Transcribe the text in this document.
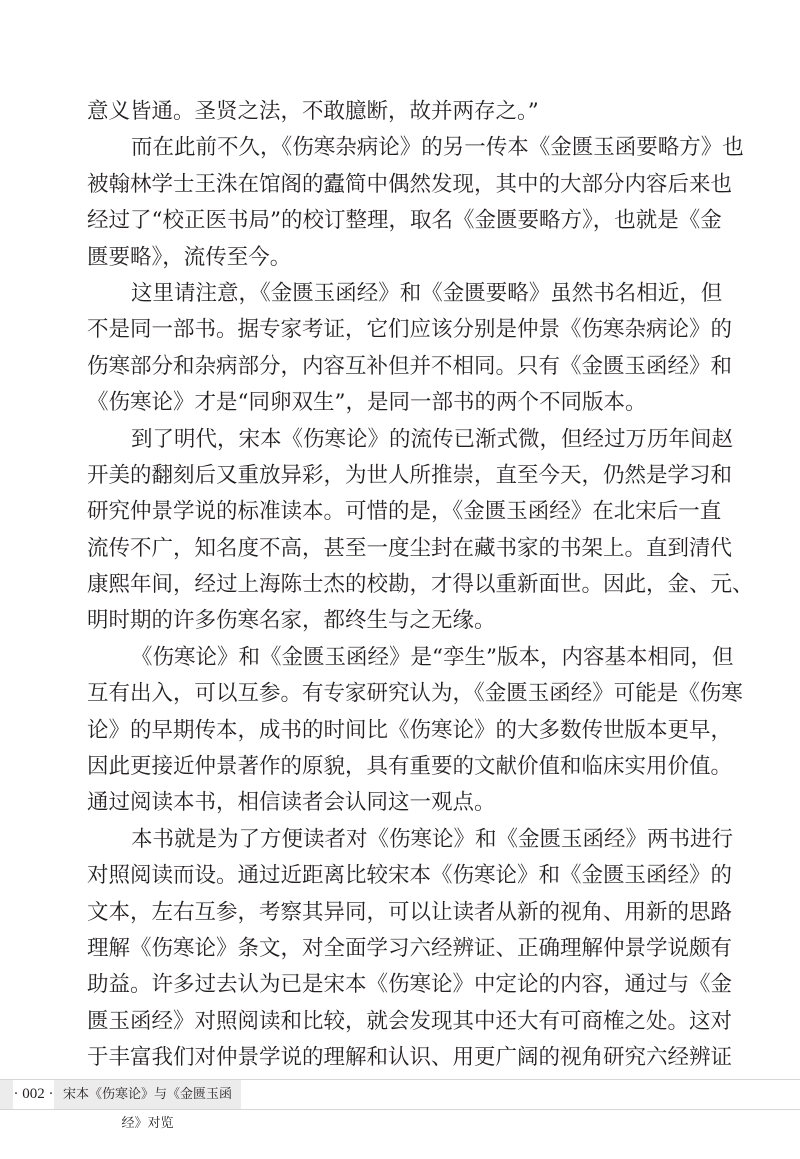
意义皆通。圣贤之法，不敢臆断，故并两存之。”
而在此前不久，《伤寒杂病论》的另一传本《金匮玉函要略方》也
被翰林学士王洙在馆阁的蠹简中偶然发现，其中的大部分内容后来也
经过了“校正医书局”的校订整理，取名《金匮要略方》，也就是《金
匮要略》，流传至今。
这里请注意，《金匮玉函经》和《金匮要略》虽然书名相近，但
不是同一部书。据专家考证，它们应该分别是仲景《伤寒杂病论》的
伤寒部分和杂病部分，内容互补但并不相同。只有《金匮玉函经》和
《伤寒论》才是“同卵双生”，是同一部书的两个不同版本。
到了明代，宋本《伤寒论》的流传已渐式微，但经过万历年间赵
开美的翻刻后又重放异彩，为世人所推崇，直至今天，仍然是学习和
研究仲景学说的标准读本。可惜的是，《金匮玉函经》在北宋后一直
流传不广，知名度不高，甚至一度尘封在藏书家的书架上。直到清代
康熙年间，经过上海陈士杰的校勘，才得以重新面世。因此，金、元、
明时期的许多伤寒名家，都终生与之无缘。
《伤寒论》和《金匮玉函经》是“孪生”版本，内容基本相同，但
互有出入，可以互参。有专家研究认为，《金匮玉函经》可能是《伤寒
论》的早期传本，成书的时间比《伤寒论》的大多数传世版本更早，
因此更接近仲景著作的原貌，具有重要的文献价值和临床实用价值。
通过阅读本书，相信读者会认同这一观点。
本书就是为了方便读者对《伤寒论》和《金匮玉函经》两书进行
对照阅读而设。通过近距离比较宋本《伤寒论》和《金匮玉函经》的
文本，左右互参，考察其异同，可以让读者从新的视角、用新的思路
理解《伤寒论》条文，对全面学习六经辨证、正确理解仲景学说颇有
助益。许多过去认为已是宋本《伤寒论》中定论的内容，通过与《金
匮玉函经》对照阅读和比较，就会发现其中还大有可商榷之处。这对
于丰富我们对仲景学说的理解和认识、用更广阔的视角研究六经辨证
· 002 · 宋本《伤寒论》与《金匮玉函经》对览
